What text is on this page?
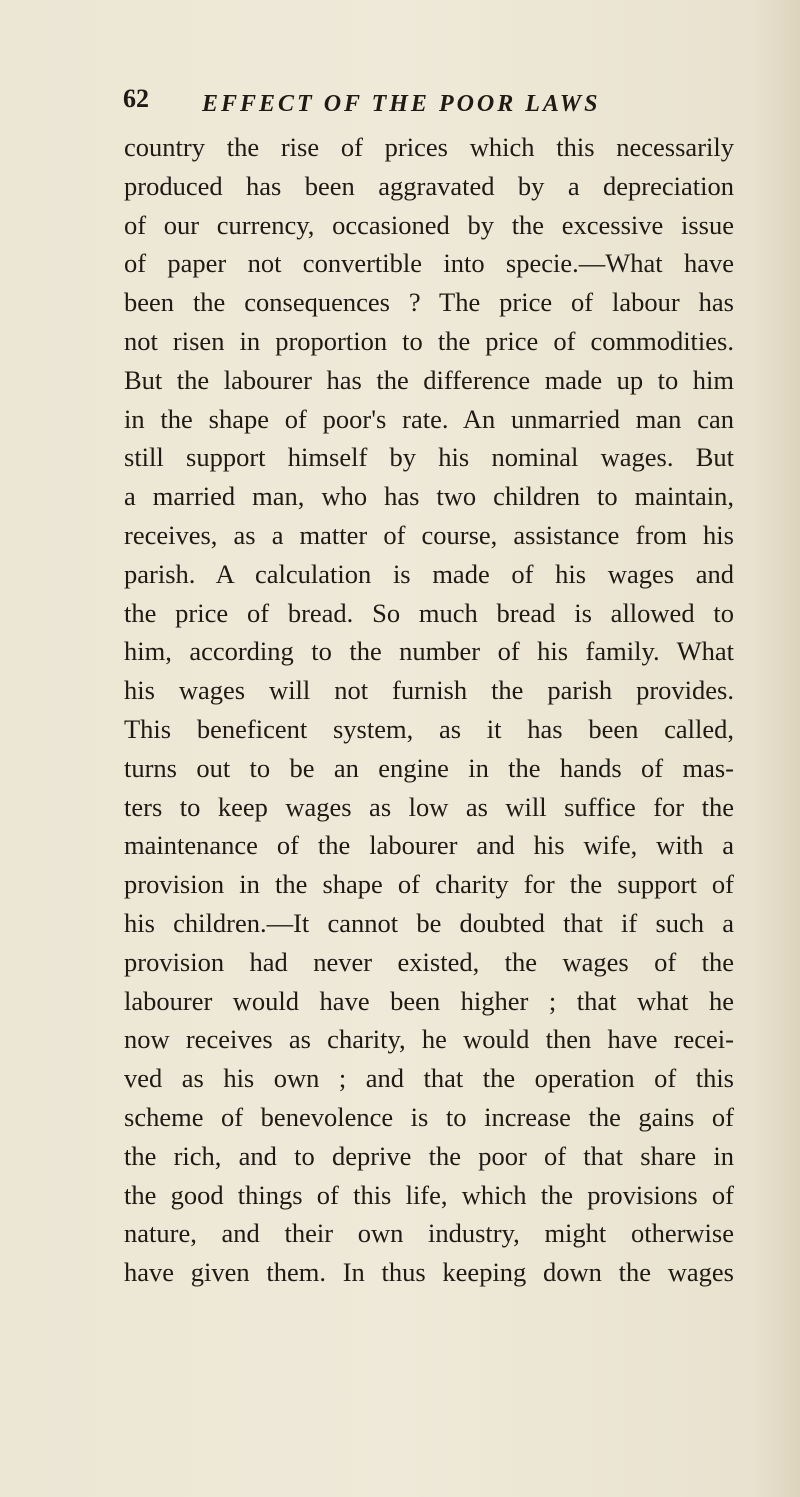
62 EFFECT OF THE POOR LAWS
country the rise of prices which this necessarily
produced has been aggravated by a depreciation
of our currency, occasioned by the excessive issue
of paper not convertible into specie.—What have
been the consequences ? The price of labour has
not risen in proportion to the price of commodities.
But the labourer has the difference made up to him
in the shape of poor's rate. An unmarried man can
still support himself by his nominal wages. But
a married man, who has two children to maintain,
receives, as a matter of course, assistance from his
parish. A calculation is made of his wages and
the price of bread. So much bread is allowed to
him, according to the number of his family. What
his wages will not furnish the parish provides.
This beneficent system, as it has been called,
turns out to be an engine in the hands of mas-
ters to keep wages as low as will suffice for the
maintenance of the labourer and his wife, with a
provision in the shape of charity for the support of
his children.—It cannot be doubted that if such a
provision had never existed, the wages of the
labourer would have been higher ; that what he
now receives as charity, he would then have recei-
ved as his own ; and that the operation of this
scheme of benevolence is to increase the gains of
the rich, and to deprive the poor of that share in
the good things of this life, which the provisions of
nature, and their own industry, might otherwise
have given them. In thus keeping down the wages
